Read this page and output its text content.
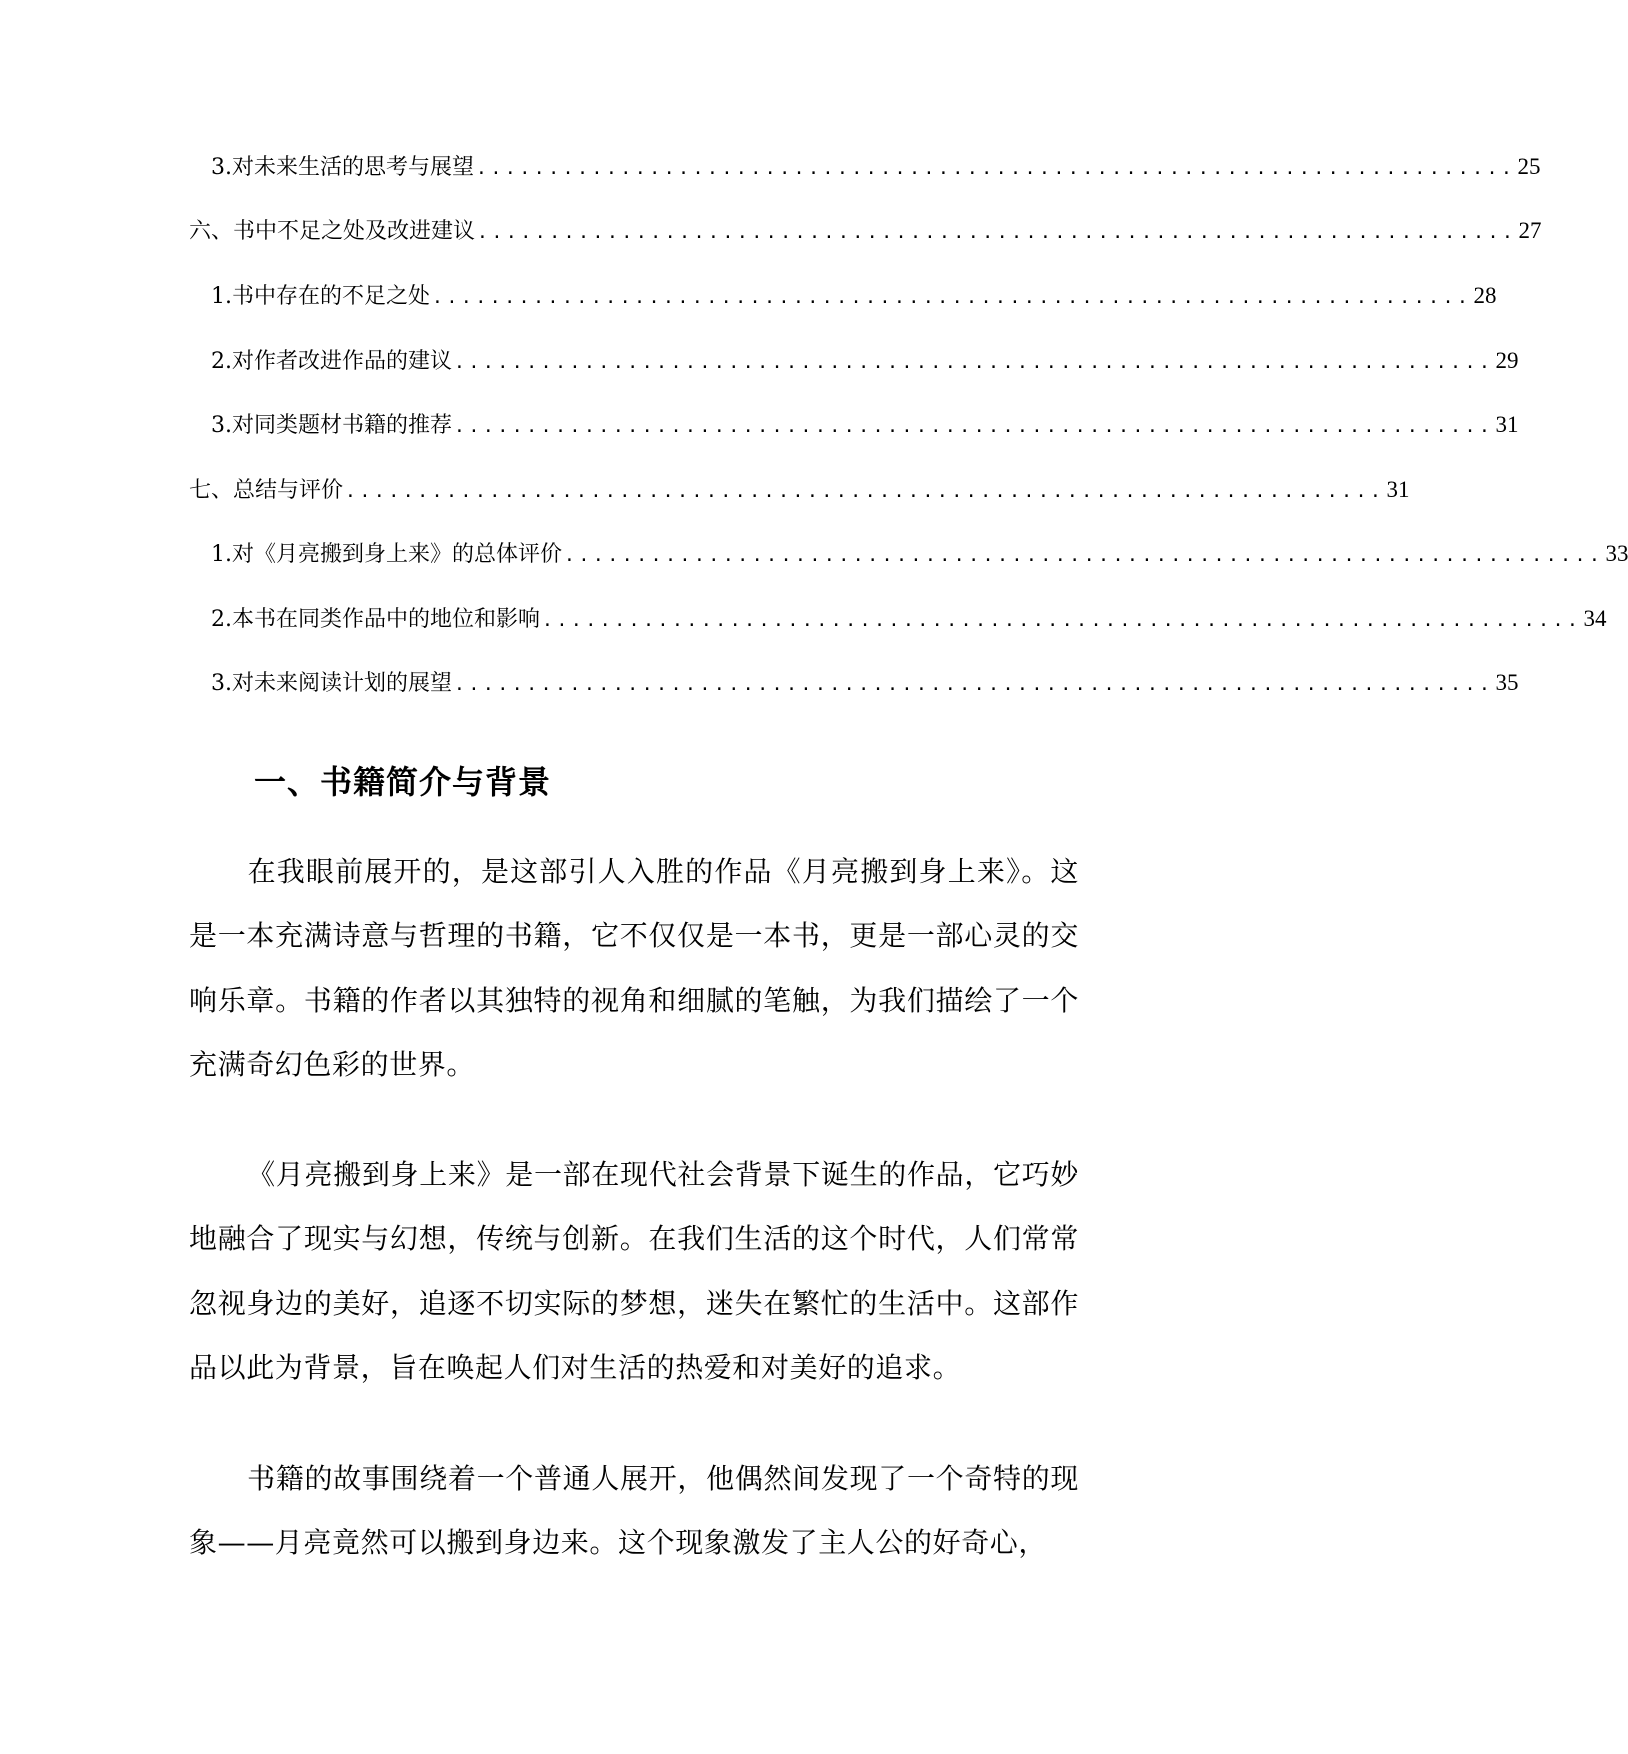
3. 对未来生活的思考与展望 ........................................................................ 25
六、书中不足之处及改进建议 ........................................................................ 27
1. 书中存在的不足之处 ........................................................................ 28
2. 对作者改进作品的建议 ........................................................................ 29
3. 对同类题材书籍的推荐 ........................................................................ 31
七、总结与评价 ........................................................................ 31
1. 对《月亮搬到身上来》的总体评价 ........................................................................ 33
2. 本书在同类作品中的地位和影响 ........................................................................ 34
3. 对未来阅读计划的展望 ........................................................................ 35
一、书籍简介与背景
在我眼前展开的，是这部引人入胜的作品《月亮搬到身上来》。这是一本充满诗意与哲理的书籍，它不仅仅是一本书，更是一部心灵的交响乐章。书籍的作者以其独特的视角和细腻的笔触，为我们描绘了一个充满奇幻色彩的世界。
《月亮搬到身上来》是一部在现代社会背景下诞生的作品，它巧妙地融合了现实与幻想，传统与创新。在我们生活的这个时代，人们常常忽视身边的美好，追逐不切实际的梦想，迷失在繁忙的生活中。这部作品以此为背景，旨在唤起人们对生活的热爱和对美好的追求。
书籍的故事围绕着一个普通人展开，他偶然间发现了一个奇特的现象——月亮竟然可以搬到身边来。这个现象激发了主人公的好奇心，
